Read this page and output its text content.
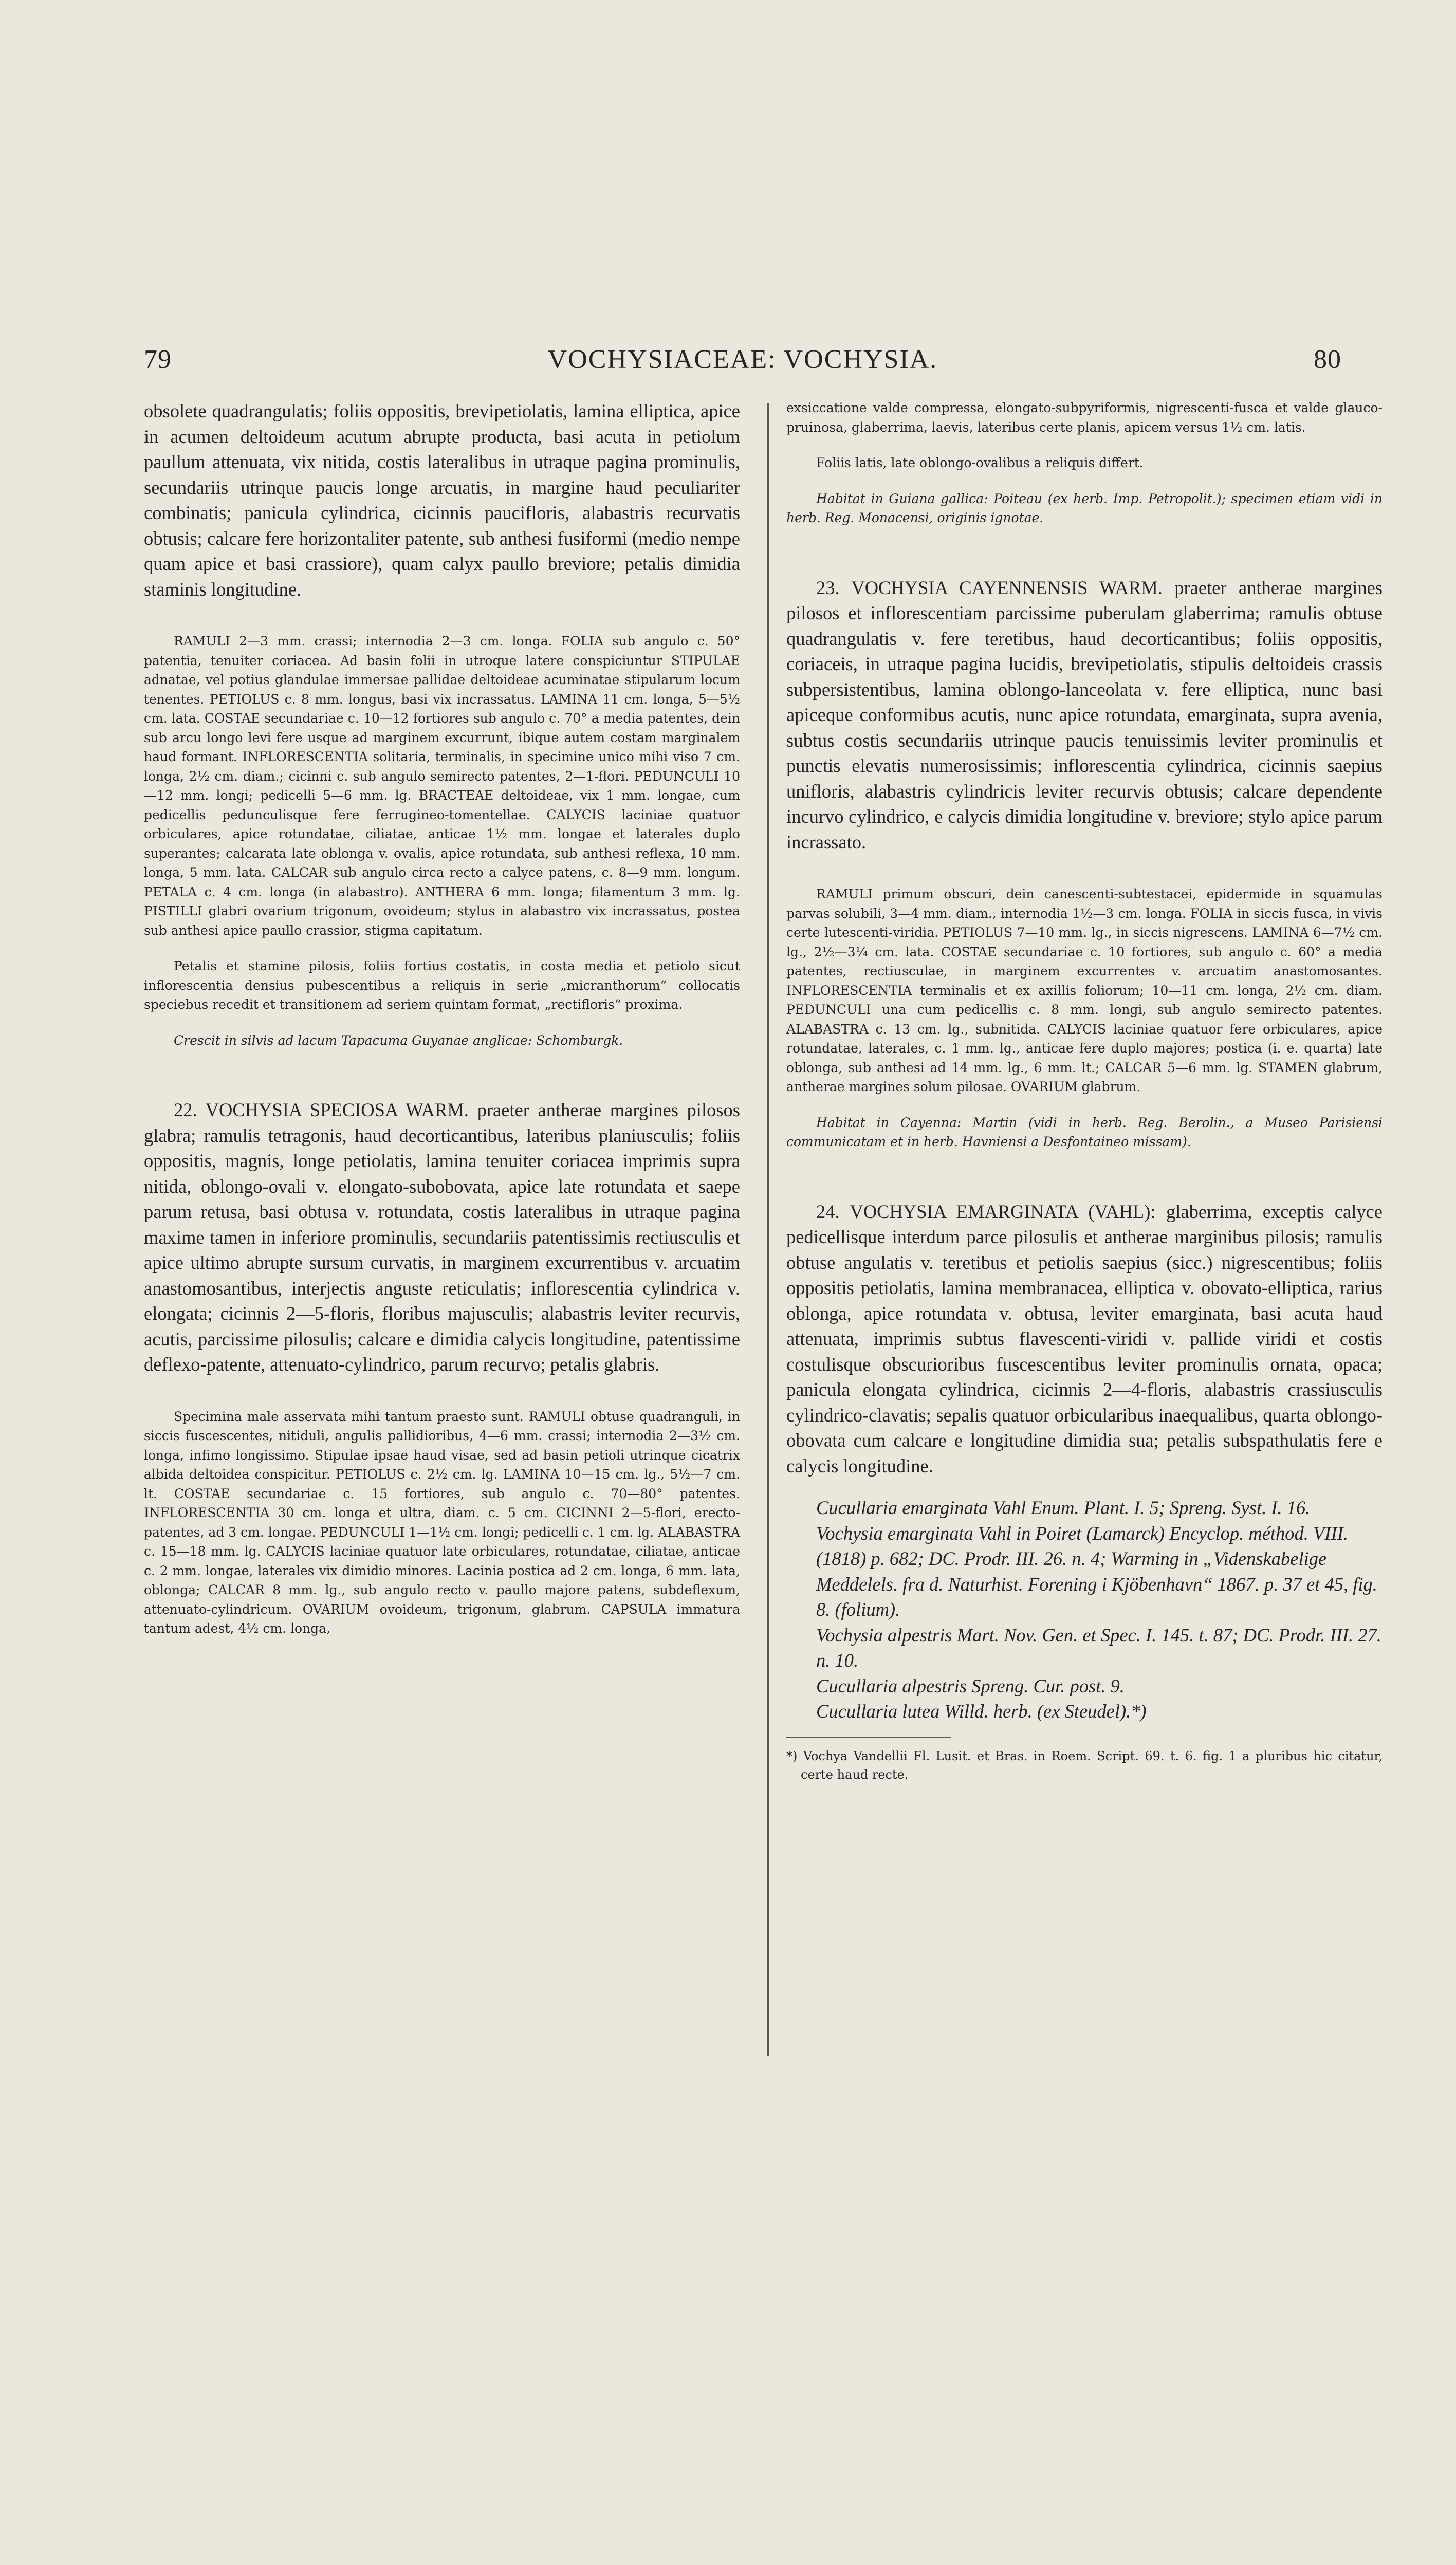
79	VOCHYSIACEAE: VOCHYSIA.	80

obsolete quadrangulatis; foliis oppositis, brevipetiolatis, lamina elliptica, apice in acumen deltoideum acutum abrupte producta, basi acuta in petiolum paullum attenuata, vix nitida, costis lateralibus in utraque pagina prominulis, secundariis utrinque paucis longe arcuatis, in margine haud peculiariter combinatis; panicula cylindrica, cicinnis paucifloris, alabastris recurvatis obtusis; calcare fere horizontaliter patente, sub anthesi fusiformi (medio nempe quam apice et basi crassiore), quam calyx paullo breviore; petalis dimidia staminis longitudine.

RAMULI 2—3 mm. crassi; internodia 2—3 cm. longa. FOLIA sub angulo c. 50° patentia, tenuiter coriacea. Ad basin folii in utroque latere conspiciuntur STIPULAE adnatae, vel potius glandulae immersae pallidae deltoideae acuminatae stipularum locum tenentes. PETIOLUS c. 8 mm. longus, basi vix incrassatus. LAMINA 11 cm. longa, 5—5½ cm. lata. COSTAE secundariae c. 10—12 fortiores sub angulo c. 70° a media patentes, dein sub arcu longo levi fere usque ad marginem excurrunt, ibique autem costam marginalem haud formant. INFLORESCENTIA solitaria, terminalis, in specimine unico mihi viso 7 cm. longa, 2½ cm. diam.; cicinni c. sub angulo semirecto patentes, 2—1-flori. PEDUNCULI 10—12 mm. longi; pedicelli 5—6 mm. lg. BRACTEAE deltoideae, vix 1 mm. longae, cum pedicellis pedunculisque fere ferrugineo-tomentellae. CALYCIS laciniae quatuor orbiculares, apice rotundatae, ciliatae, anticae 1½ mm. longae et laterales duplo superantes; calcarata late oblonga v. ovalis, apice rotundata, sub anthesi reflexa, 10 mm. longa, 5 mm. lata. CALCAR sub angulo circa recto a calyce patens, c. 8—9 mm. longum. PETALA c. 4 cm. longa (in alabastro). ANTHERA 6 mm. longa; filamentum 3 mm. lg. PISTILLI glabri ovarium trigonum, ovoideum; stylus in alabastro vix incrassatus, postea sub anthesi apice paullo crassior, stigma capitatum.

Petalis et stamine pilosis, foliis fortius costatis, in costa media et petiolo sicut inflorescentia densius pubescentibus a reliquis in serie „micranthorum“ collocatis speciebus recedit et transitionem ad seriem quintam format, „rectifloris“ proxima.

Crescit in silvis ad lacum Tapacuma Guyanae anglicae: Schomburgk.

22. VOCHYSIA SPECIOSA WARM. praeter antherae margines pilosos glabra; ramulis tetragonis, haud decorticantibus, lateribus planiusculis; foliis oppositis, magnis, longe petiolatis, lamina tenuiter coriacea imprimis supra nitida, oblongo-ovali v. elongato-subobovata, apice late rotundata et saepe parum retusa, basi obtusa v. rotundata, costis lateralibus in utraque pagina maxime tamen in inferiore prominulis, secundariis patentissimis rectiusculis et apice ultimo abrupte sursum curvatis, in marginem excurrentibus v. arcuatim anastomosantibus, interjectis anguste reticulatis; inflorescentia cylindrica v. elongata; cicinnis 2—5-floris, floribus majusculis; alabastris leviter recurvis, acutis, parcissime pilosulis; calcare e dimidia calycis longitudine, patentissime deflexo-patente, attenuato-cylindrico, parum recurvo; petalis glabris.

Specimina male asservata mihi tantum praesto sunt. RAMULI obtuse quadranguli, in siccis fuscescentes, nitiduli, angulis pallidioribus, 4—6 mm. crassi; internodia 2—3½ cm. longa, infimo longissimo. Stipulae ipsae haud visae, sed ad basin petioli utrinque cicatrix albida deltoidea conspicitur. PETIOLUS c. 2½ cm. lg. LAMINA 10—15 cm. lg., 5½—7 cm. lt. COSTAE secundariae c. 15 fortiores, sub angulo c. 70—80° patentes. INFLORESCENTIA 30 cm. longa et ultra, diam. c. 5 cm. CICINNI 2—5-flori, erecto-patentes, ad 3 cm. longae. PEDUNCULI 1—1½ cm. longi; pedicelli c. 1 cm. lg. ALABASTRA c. 15—18 mm. lg. CALYCIS laciniae quatuor late orbiculares, rotundatae, ciliatae, anticae c. 2 mm. longae, laterales vix dimidio minores. Lacinia postica ad 2 cm. longa, 6 mm. lata, oblonga; CALCAR 8 mm. lg., sub angulo recto v. paullo majore patens, subdeflexum, attenuato-cylindricum. OVARIUM ovoideum, trigonum, glabrum. CAPSULA immatura tantum adest, 4½ cm. longa,

exsiccatione valde compressa, elongato-subpyriformis, nigrescenti-fusca et valde glauco-pruinosa, glaberrima, laevis, lateribus certe planis, apicem versus 1½ cm. latis.

Foliis latis, late oblongo-ovalibus a reliquis differt.

Habitat in Guiana gallica: Poiteau (ex herb. Imp. Petropolit.); specimen etiam vidi in herb. Reg. Monacensi, originis ignotae.

23. VOCHYSIA CAYENNENSIS WARM. praeter antherae margines pilosos et inflorescentiam parcissime puberulam glaberrima; ramulis obtuse quadrangulatis v. fere teretibus, haud decorticantibus; foliis oppositis, coriaceis, in utraque pagina lucidis, brevipetiolatis, stipulis deltoideis crassis subpersistentibus, lamina oblongo-lanceolata v. fere elliptica, nunc basi apiceque conformibus acutis, nunc apice rotundata, emarginata, supra avenia, subtus costis secundariis utrinque paucis tenuissimis leviter prominulis et punctis elevatis numerosissimis; inflorescentia cylindrica, cicinnis saepius unifloris, alabastris cylindricis leviter recurvis obtusis; calcare dependente incurvo cylindrico, e calycis dimidia longitudine v. breviore; stylo apice parum incrassato.

RAMULI primum obscuri, dein canescenti-subtestacei, epidermide in squamulas parvas solubili, 3—4 mm. diam., internodia 1½—3 cm. longa. FOLIA in siccis fusca, in vivis certe lutescenti-viridia. PETIOLUS 7—10 mm. lg., in siccis nigrescens. LAMINA 6—7½ cm. lg., 2½—3¼ cm. lata. COSTAE secundariae c. 10 fortiores, sub angulo c. 60° a media patentes, rectiusculae, in marginem excurrentes v. arcuatim anastomosantes. INFLORESCENTIA terminalis et ex axillis foliorum; 10—11 cm. longa, 2½ cm. diam. PEDUNCULI una cum pedicellis c. 8 mm. longi, sub angulo semirecto patentes. ALABASTRA c. 13 cm. lg., subnitida. CALYCIS laciniae quatuor fere orbiculares, apice rotundatae, laterales, c. 1 mm. lg., anticae fere duplo majores; postica (i. e. quarta) late oblonga, sub anthesi ad 14 mm. lg., 6 mm. lt.; CALCAR 5—6 mm. lg. STAMEN glabrum, antherae margines solum pilosae. OVARIUM glabrum.

Habitat in Cayenna: Martin (vidi in herb. Reg. Berolin., a Museo Parisiensi communicatam et in herb. Havniensi a Desfontaineo missam).

24. VOCHYSIA EMARGINATA (VAHL): glaberrima, exceptis calyce pedicellisque interdum parce pilosulis et antherae marginibus pilosis; ramulis obtuse angulatis v. teretibus et petiolis saepius (sicc.) nigrescentibus; foliis oppositis petiolatis, lamina membranacea, elliptica v. obovato-elliptica, rarius oblonga, apice rotundata v. obtusa, leviter emarginata, basi acuta haud attenuata, imprimis subtus flavescenti-viridi v. pallide viridi et costis costulisque obscurioribus fuscescentibus leviter prominulis ornata, opaca; panicula elongata cylindrica, cicinnis 2—4-floris, alabastris crassiusculis cylindrico-clavatis; sepalis quatuor orbicularibus inaequalibus, quarta oblongo-obovata cum calcare e longitudine dimidia sua; petalis subspathulatis fere e calycis longitudine.

Cucullaria emarginata Vahl Enum. Plant. I. 5; Spreng. Syst. I. 16.

Vochysia emarginata Vahl in Poiret (Lamarck) Encyclop. méthod. VIII. (1818) p. 682; DC. Prodr. III. 26. n. 4; Warming in „Videnskabelige Meddelels. fra d. Naturhist. Forening i Kjöbenhavn“ 1867. p. 37 et 45, fig. 8. (folium).

Vochysia alpestris Mart. Nov. Gen. et Spec. I. 145. t. 87; DC. Prodr. III. 27. n. 10.

Cucullaria alpestris Spreng. Cur. post. 9.

Cucullaria lutea Willd. herb. (ex Steudel).*)

*) Vochya Vandellii Fl. Lusit. et Bras. in Roem. Script. 69. t. 6. fig. 1 a pluribus hic citatur, certe haud recte.
